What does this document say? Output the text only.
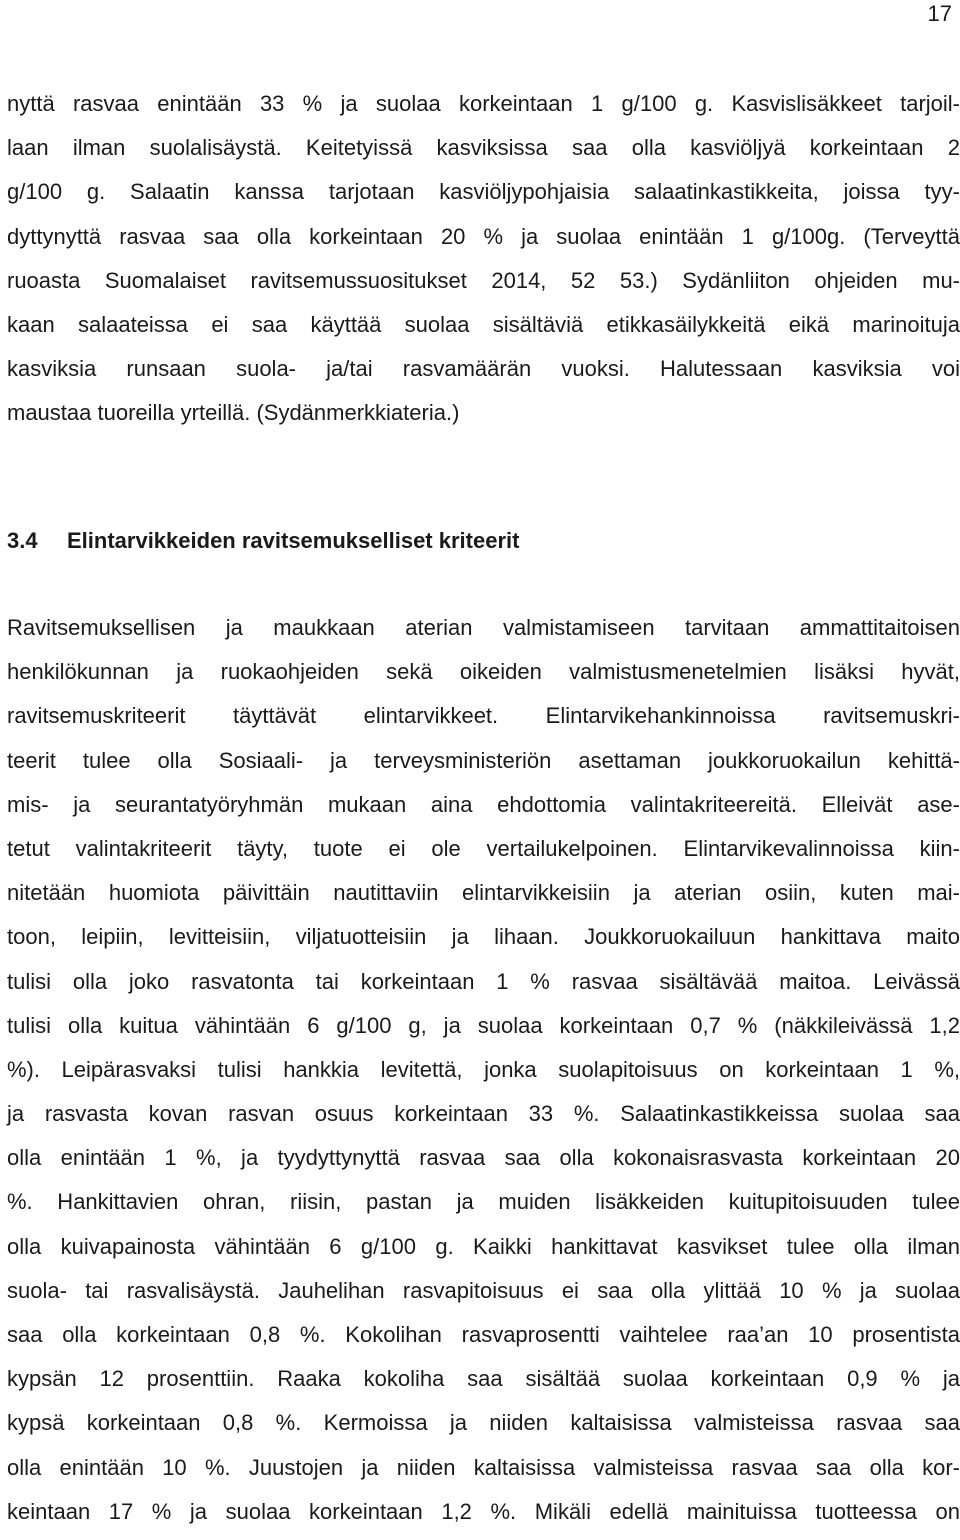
17
nyttä rasvaa enintään 33 % ja suolaa korkeintaan 1 g/100 g. Kasvislisäkkeet tarjoil-
laan ilman suolalisäystä. Keitetyissä kasviksissa saa olla kasviöljyä korkeintaan 2
g/100 g. Salaatin kanssa tarjotaan kasviöljypohjaisia salaatinkastikkeita, joissa tyy-
dyttynyttä rasvaa saa olla korkeintaan 20 % ja suolaa enintään 1 g/100g. (Terveyttä
ruoasta Suomalaiset ravitsemussuositukset 2014, 52 53.) Sydänliiton ohjeiden mu-
kaan salaateissa ei saa käyttää suolaa sisältäviä etikkasäilykkeitä eikä marinoituja
kasviksia runsaan suola- ja/tai rasvamäärän vuoksi. Halutessaan kasviksia voi
maustaa tuoreilla yrteillä. (Sydänmerkkiateria.)
3.4 Elintarvikkeiden ravitsemukselliset kriteerit
Ravitsemuksellisen ja maukkaan aterian valmistamiseen tarvitaan ammattitaitoisen
henkilökunnan ja ruokaohjeiden sekä oikeiden valmistusmenetelmien lisäksi hyvät,
ravitsemuskriteerit täyttävät elintarvikkeet. Elintarvikehankinnoissa ravitsemuskri-
teerit tulee olla Sosiaali- ja terveysministeriön asettaman joukkoruokailun kehittä-
mis- ja seurantatyöryhmän mukaan aina ehdottomia valintakriteereitä. Elleivät ase-
tetut valintakriteerit täyty, tuote ei ole vertailukelpoinen. Elintarvikevalinnoissa kiin-
nitetään huomiota päivittäin nautittaviin elintarvikkeisiin ja aterian osiin, kuten mai-
toon, leipiin, levitteisiin, viljatuotteisiin ja lihaan. Joukkoruokailuun hankittava maito
tulisi olla joko rasvatonta tai korkeintaan 1 % rasvaa sisältävää maitoa. Leivässä
tulisi olla kuitua vähintään 6 g/100 g, ja suolaa korkeintaan 0,7 % (näkkileivässä 1,2
%). Leipärasvaksi tulisi hankkia levitettä, jonka suolapitoisuus on korkeintaan 1 %,
ja rasvasta kovan rasvan osuus korkeintaan 33 %. Salaatinkastikkeissa suolaa saa
olla enintään 1 %, ja tyydyttynyttä rasvaa saa olla kokonaisrasvasta korkeintaan 20
%. Hankittavien ohran, riisin, pastan ja muiden lisäkkeiden kuitupitoisuuden tulee
olla kuivapainosta vähintään 6 g/100 g. Kaikki hankittavat kasvikset tulee olla ilman
suola- tai rasvalisäystä. Jauhelihan rasvapitoisuus ei saa olla ylittää 10 % ja suolaa
saa olla korkeintaan 0,8 %. Kokolihan rasvaprosentti vaihtelee raa’an 10 prosentista
kypsän 12 prosenttiin. Raaka kokoliha saa sisältää suolaa korkeintaan 0,9 % ja
kypsä korkeintaan 0,8 %. Kermoissa ja niiden kaltaisissa valmisteissa rasvaa saa
olla enintään 10 %. Juustojen ja niiden kaltaisissa valmisteissa rasvaa saa olla kor-
keintaan 17 % ja suolaa korkeintaan 1,2 %. Mikäli edellä mainituissa tuotteessa on
